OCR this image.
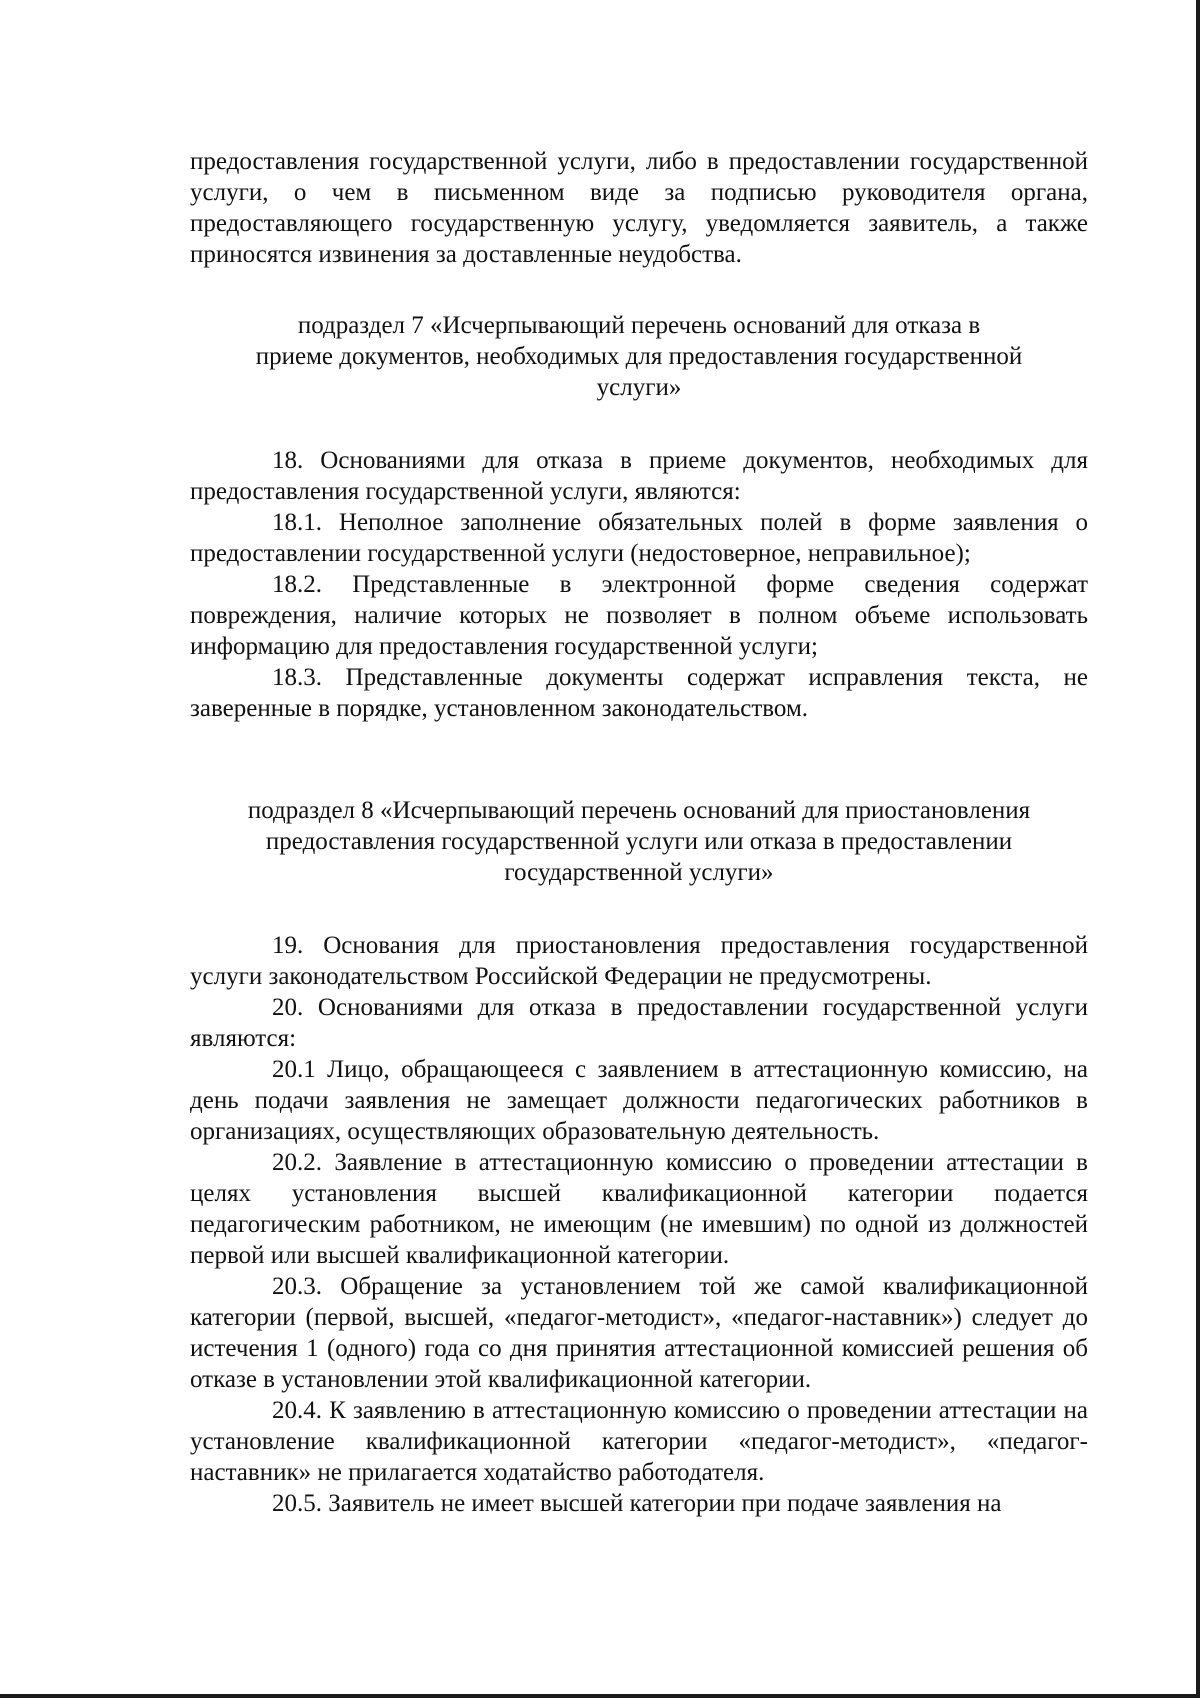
предоставления государственной услуги, либо в предоставлении государственной услуги, о чем в письменном виде за подписью руководителя органа, предоставляющего государственную услугу, уведомляется заявитель, а также приносятся извинения за доставленные неудобства.

подраздел 7 «Исчерпывающий перечень оснований для отказа в
приеме документов, необходимых для предоставления государственной
услуги»

18. Основаниями для отказа в приеме документов, необходимых для предоставления государственной услуги, являются:

18.1. Неполное заполнение обязательных полей в форме заявления о предоставлении государственной услуги (недостоверное, неправильное);

18.2. Представленные в электронной форме сведения содержат повреждения, наличие которых не позволяет в полном объеме использовать информацию для предоставления государственной услуги;

18.3. Представленные документы содержат исправления текста, не заверенные в порядке, установленном законодательством.

подраздел 8 «Исчерпывающий перечень оснований для приостановления
предоставления государственной услуги или отказа в предоставлении
государственной услуги»

19. Основания для приостановления предоставления государственной услуги законодательством Российской Федерации не предусмотрены.

20. Основаниями для отказа в предоставлении государственной услуги являются:

20.1 Лицо, обращающееся с заявлением в аттестационную комиссию, на день подачи заявления не замещает должности педагогических работников в организациях, осуществляющих образовательную деятельность.

20.2. Заявление в аттестационную комиссию о проведении аттестации в целях установления высшей квалификационной категории подается педагогическим работником, не имеющим (не имевшим) по одной из должностей первой или высшей квалификационной категории.

20.3. Обращение за установлением той же самой квалификационной категории (первой, высшей, «педагог-методист», «педагог-наставник») следует до истечения 1 (одного) года со дня принятия аттестационной комиссией решения об отказе в установлении этой квалификационной категории.

20.4. К заявлению в аттестационную комиссию о проведении аттестации на установление квалификационной категории «педагог-методист», «педагог-наставник» не прилагается ходатайство работодателя.

20.5. Заявитель не имеет высшей категории при подаче заявления на
